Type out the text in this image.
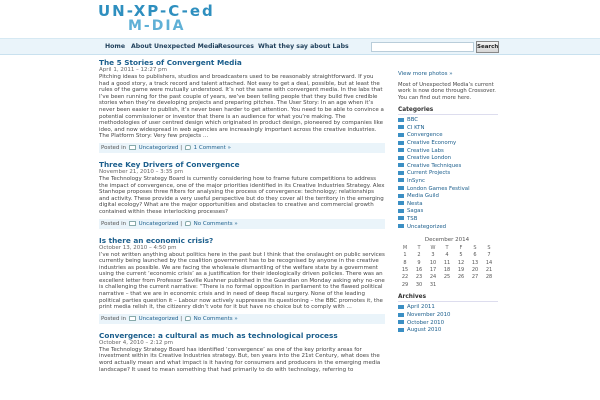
UN-XP-C-ed
M-DIA
Home About Unexpected Media Resources What they say about Labs	Search
The 5 Stories of Convergent Media
April 1, 2011 – 12:27 pm
Pitching ideas to publishers, studios and broadcasters used to be reasonably straightforward. If you had a good story, a track record and talent attached. Not easy to get a deal, possible, but at least the rules of the game were mutually understood. It’s not the same with convergent media. In the labs that I’ve been running for the past couple of years, we’ve been telling people that they build five credible stories when they’re developing projects and preparing pitches. The User Story: In an age when it’s never been easier to publish, it’s never been harder to get attention. You need to be able to convince a potential commissioner or investor that there is an audience for what you’re making. The methodologies of user centred design which originated in product design, pioneered by companies like ideo, and now widespread in web agencies are increasingly important across the creative industries. The Platform Story: Very few projects …
Posted in Uncategorized | 1 Comment »
Three Key Drivers of Convergence
November 21, 2010 – 3:35 pm
The Technology Strategy Board is currently considering how to frame future competitions to address the impact of convergence, one of the major priorities identified in its Creative Industries Strategy. Alex Stanhope proposes three filters for analysing the process of convergence: technology; relationships and activity. These provide a very useful perspective but do they cover all the territory in the emerging digital ecology? What are the major opportunities and obstacles to creative and commercial growth contained within these interlocking processes?
Posted in Uncategorized | No Comments »
Is there an economic crisis?
October 13, 2010 – 4:50 pm
I’ve not written anything about politics here in the past but I think that the onslaught on public services currently being launched by the coalition government has to be recognised by anyone in the creative industries as possible. We are facing the wholesale dismantling of the welfare state by a government using the current ‘economic crisis’ as a justification for their ideologically driven policies. There was an excellent letter from Professor Saville Kushner published in the Guardian on Monday asking why no-one is challenging the current narrative: “There is no formal opposition in parliament to the flawed political narrative – that we are in economic crisis and in need of deep fiscal surgery. None of the leading political parties question it – Labour now actively suppresses its questioning – the BBC promotes it, the print media relish it, the citizenry didn’t vote for it but have no choice but to comply with …
Posted in Uncategorized | No Comments »
Convergence: a cultural as much as technological process
October 4, 2010 – 2:12 pm
The Technology Strategy Board has identified ‘convergence’ as one of the key priority areas for investment within its Creative Industries strategy. But, ten years into the 21st Century, what does the word actually mean and what impact is it having for consumers and producers in the emerging media landscape? It used to mean something that had primarily to do with technology, referring to
View more photos »
Most of Unexpected Media’s current work is now done through Crossover. You can find out more here.
Categories
BBC
CI KTN
Convergence
Creative Economy
Creative Labs
Creative London
Creative Techniques
Current Projects
InSync
London Games Festival
Media Guild
Nesta
Sagas
TSB
Uncategorized
December 2014
M	T	W	T	F	S	S
1	2	3	4	5	6	7
8	9	10	11	12	13	14
15	16	17	18	19	20	21
22	23	24	25	26	27	28
29	30	31				
Archives
April 2011
November 2010
October 2010
August 2010
